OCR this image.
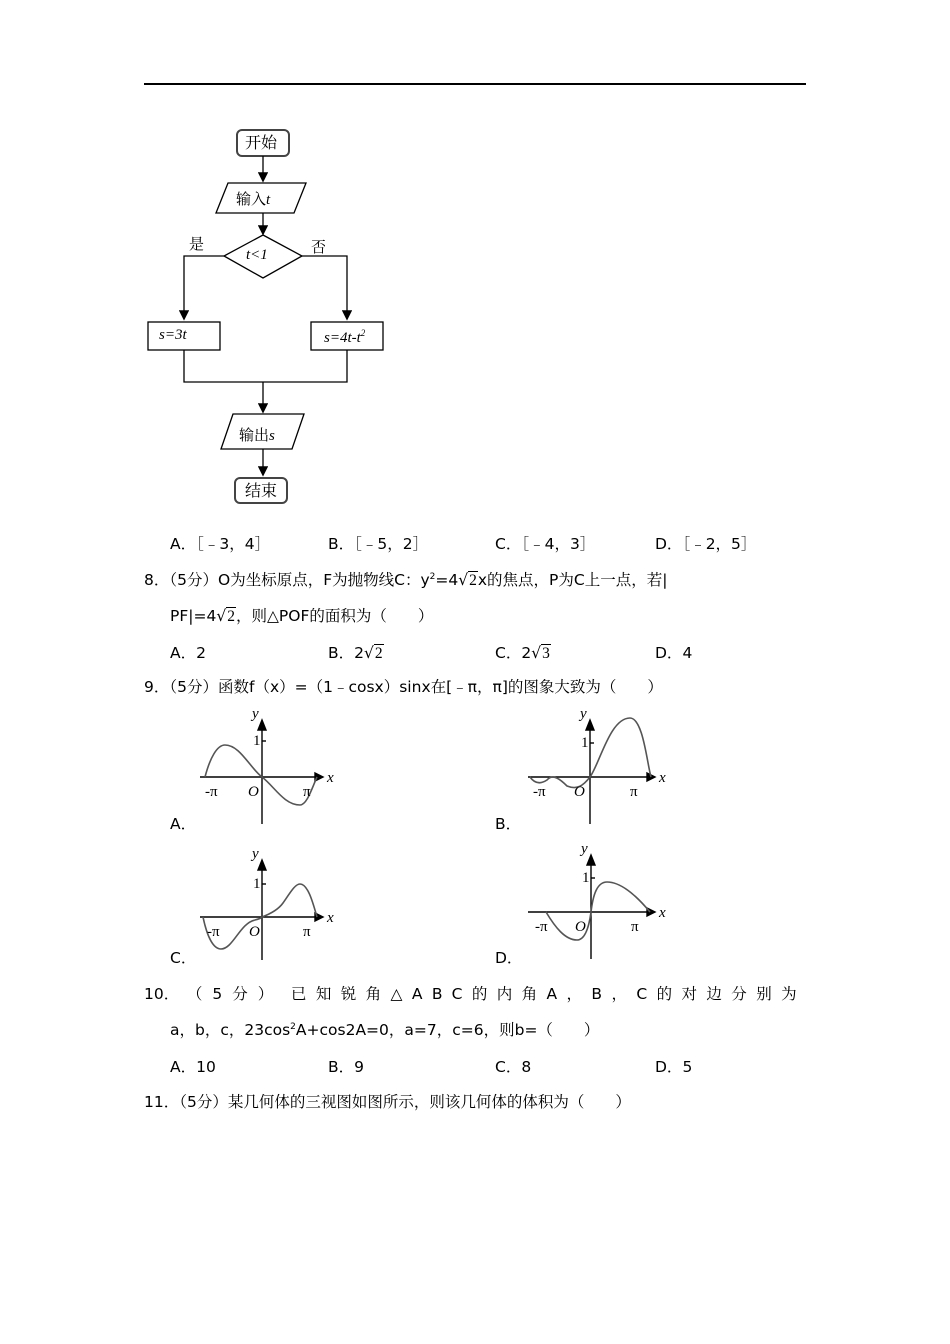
开始
输入t
t<1
是	否
s=3t	$s=4t-t^2$
输出s
结束
A．［﹣3，4］	B．［﹣5，2］	C．［﹣4，3］	D．［﹣2，5］
8．（5分）O为坐标原点，F为抛物线C：$y^2=4√2x$的焦点，P为C上一点，若|
PF|=4√2，则△POF的面积为（　　）
A．2	B．2√2	C．2√3	D．4
9．（5分）函数f（x）=（1﹣cosx）sinx在[﹣π，π]的图象大致为（　　）
y
x
1
-π O	π
A．
y
x
1
-π O	π
B．
y
x
1
-π O	π
C．
y
x
1
-π O	π
D．
10． （5分） 已知锐角△ABC的内角A，B，C的对边分别为
a，b，c，$23\cos^2A+\cos 2A=0$，a=7，c=6，则b=（　　）
A．10	B．9	C．8	D．5
11．（5分）某几何体的三视图如图所示，则该几何体的体积为（　　）
